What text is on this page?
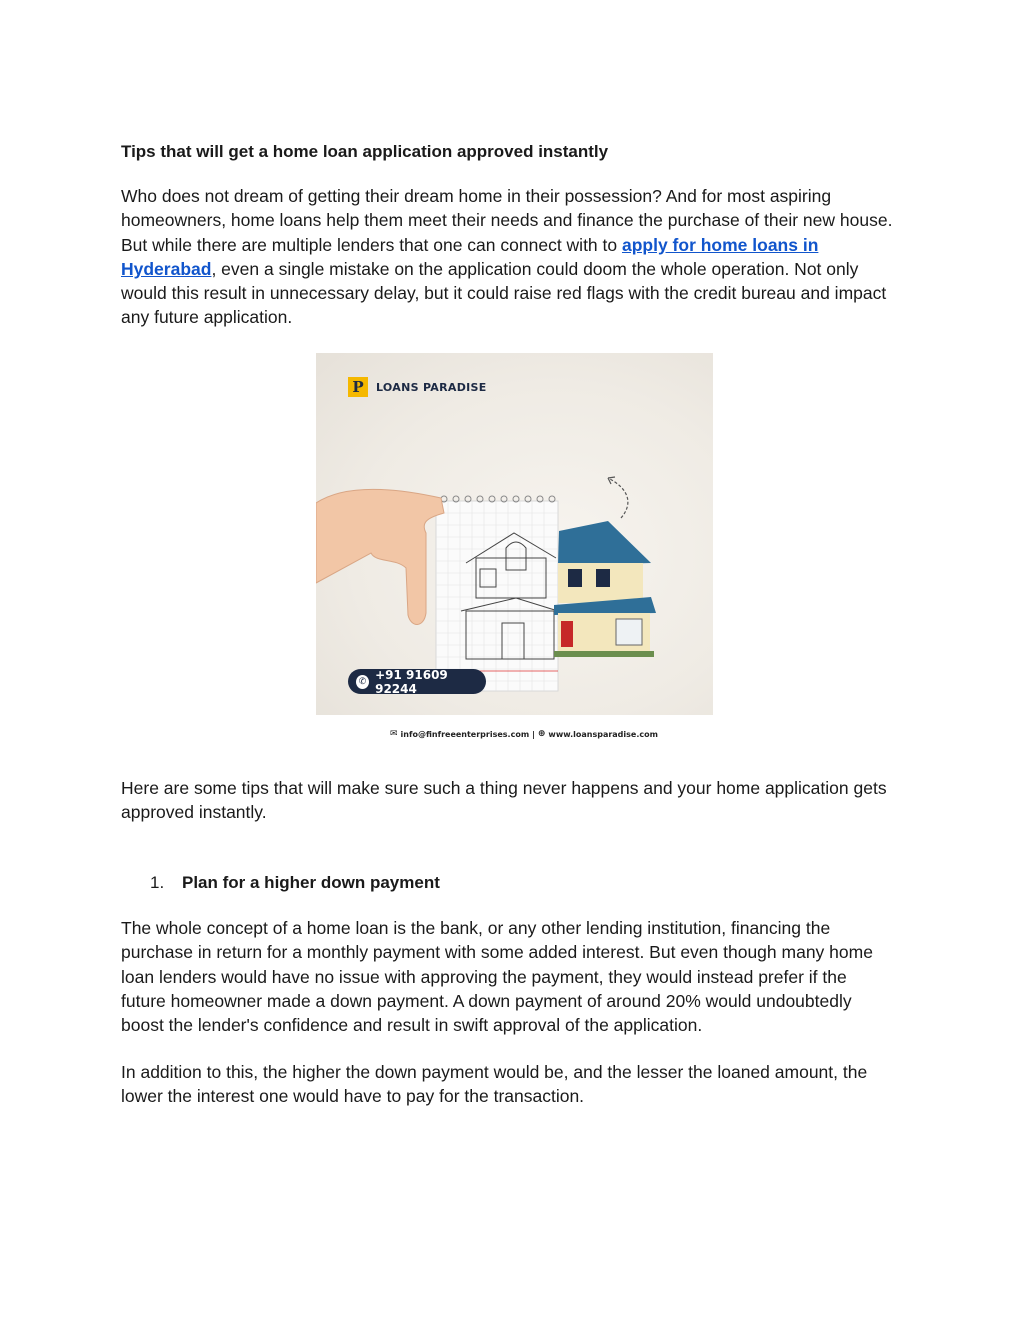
Tips that will get a home loan application approved instantly

Who does not dream of getting their dream home in their possession? And for most aspiring homeowners, home loans help them meet their needs and finance the purchase of their new house. But while there are multiple lenders that one can connect with to apply for home loans in Hyderabad, even a single mistake on the application could doom the whole operation. Not only would this result in unnecessary delay, but it could raise red flags with the credit bureau and impact any future application.

Here are some tips that will make sure such a thing never happens and your home application gets approved instantly.

1. Plan for a higher down payment

The whole concept of a home loan is the bank, or any other lending institution, financing the purchase in return for a monthly payment with some added interest. But even though many home loan lenders would have no issue with approving the payment, they would instead prefer if the future homeowner made a down payment. A down payment of around 20% would undoubtedly boost the lender's confidence and result in swift approval of the application.

In addition to this, the higher the down payment would be, and the lesser the loaned amount, the lower the interest one would have to pay for the transaction.

P	LOANS PARADISE
✆ +91 91609 92244
✉ info@finfreeenterprises.com | ⊕ www.loansparadise.com
